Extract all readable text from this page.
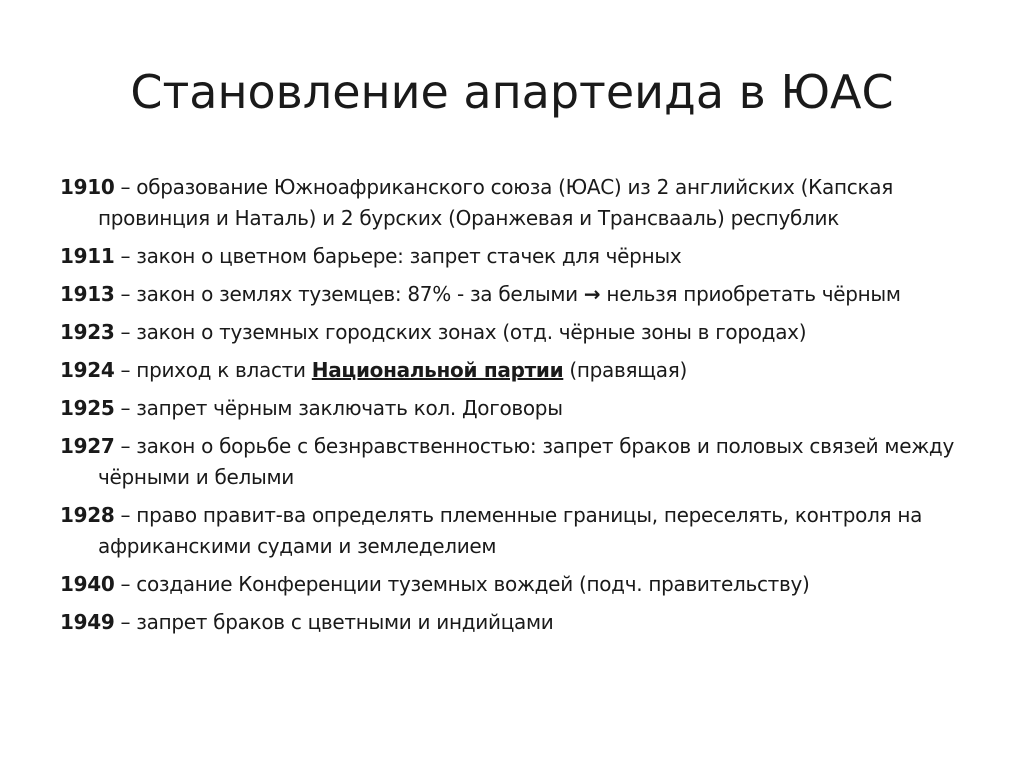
Становление апартеида в ЮАС
1910 – образование Южноафриканского союза (ЮАС) из 2 английских (Капская провинция и Наталь) и 2 бурских (Оранжевая и Трансвааль) республик
1911 – закон о цветном барьере: запрет стачек для чёрных
1913 – закон о землях туземцев: 87% - за белыми → нельзя приобретать чёрным
1923 – закон о туземных городских зонах (отд. чёрные зоны в городах)
1924 – приход к власти Национальной партии (правящая)
1925 – запрет чёрным заключать кол. Договоры
1927 – закон о борьбе с безнравственностью: запрет браков и половых связей между чёрными и белыми
1928 – право правит-ва определять племенные границы, переселять, контроля на африканскими судами и земледелием
1940 – создание Конференции туземных вождей (подч. правительству)
1949 – запрет браков с цветными и индийцами
